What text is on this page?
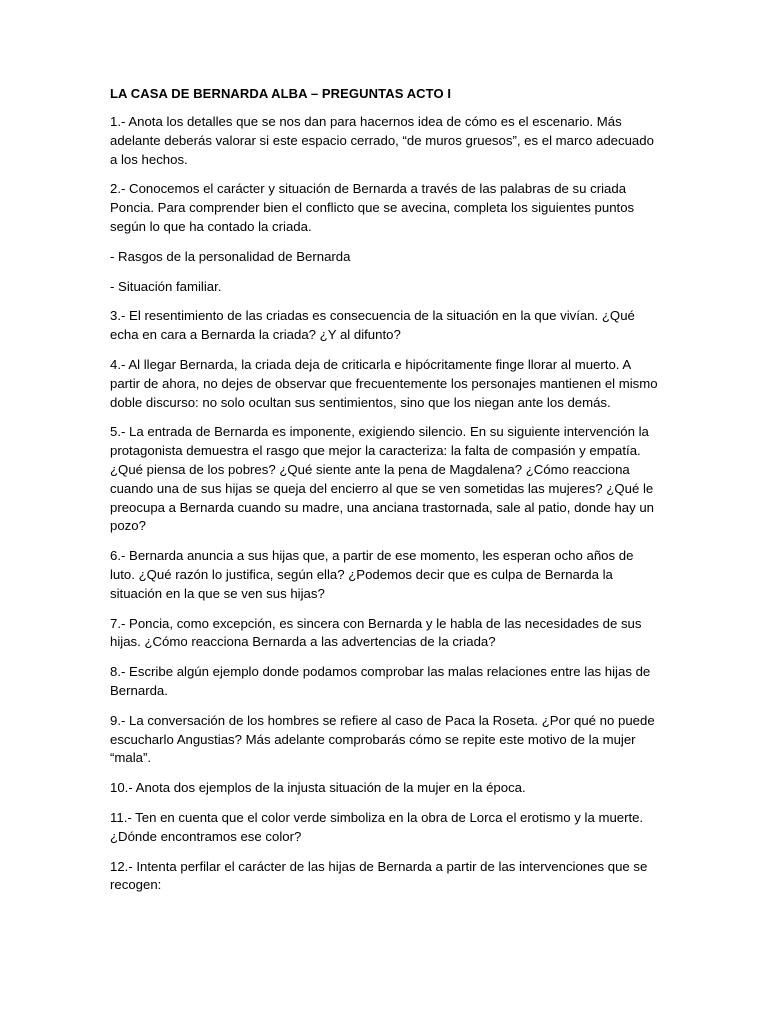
LA CASA DE BERNARDA ALBA – PREGUNTAS ACTO I
1.- Anota los detalles que se nos dan para hacernos idea de cómo es el escenario. Más adelante deberás valorar si este espacio cerrado, “de muros gruesos”, es el marco adecuado a los hechos.
2.- Conocemos el carácter y situación de Bernarda a través de las palabras de su criada Poncia. Para comprender bien el conflicto que se avecina, completa los siguientes puntos según lo que ha contado la criada.
- Rasgos de la personalidad de Bernarda
- Situación familiar.
3.- El resentimiento de las criadas es consecuencia de la situación en la que vivían. ¿Qué echa en cara a Bernarda la criada? ¿Y al difunto?
4.- Al llegar Bernarda, la criada deja de criticarla e hipócritamente finge llorar al muerto. A partir de ahora, no dejes de observar que frecuentemente los personajes mantienen el mismo doble discurso: no solo ocultan sus sentimientos, sino que los niegan ante los demás.
5.- La entrada de Bernarda es imponente, exigiendo silencio. En su siguiente intervención la protagonista demuestra el rasgo que mejor la caracteriza: la falta de compasión y empatía. ¿Qué piensa de los pobres? ¿Qué siente ante la pena de Magdalena? ¿Cómo reacciona cuando una de sus hijas se queja del encierro al que se ven sometidas las mujeres? ¿Qué le preocupa a Bernarda cuando su madre, una anciana trastornada, sale al patio, donde hay un pozo?
6.- Bernarda anuncia a sus hijas que, a partir de ese momento, les esperan ocho años de luto. ¿Qué razón lo justifica, según ella? ¿Podemos decir que es culpa de Bernarda la situación en la que se ven sus hijas?
7.- Poncia, como excepción, es sincera con Bernarda y le habla de las necesidades de sus hijas. ¿Cómo reacciona Bernarda a las advertencias de la criada?
8.- Escribe algún ejemplo donde podamos comprobar las malas relaciones entre las hijas de Bernarda.
9.- La conversación de los hombres se refiere al caso de Paca la Roseta. ¿Por qué no puede escucharlo Angustias? Más adelante comprobarás cómo se repite este motivo de la mujer “mala”.
10.- Anota dos ejemplos de la injusta situación de la mujer en la época.
11.- Ten en cuenta que el color verde simboliza en la obra de Lorca el erotismo y la muerte. ¿Dónde encontramos ese color?
12.- Intenta perfilar el carácter de las hijas de Bernarda a partir de las intervenciones que se recogen:
